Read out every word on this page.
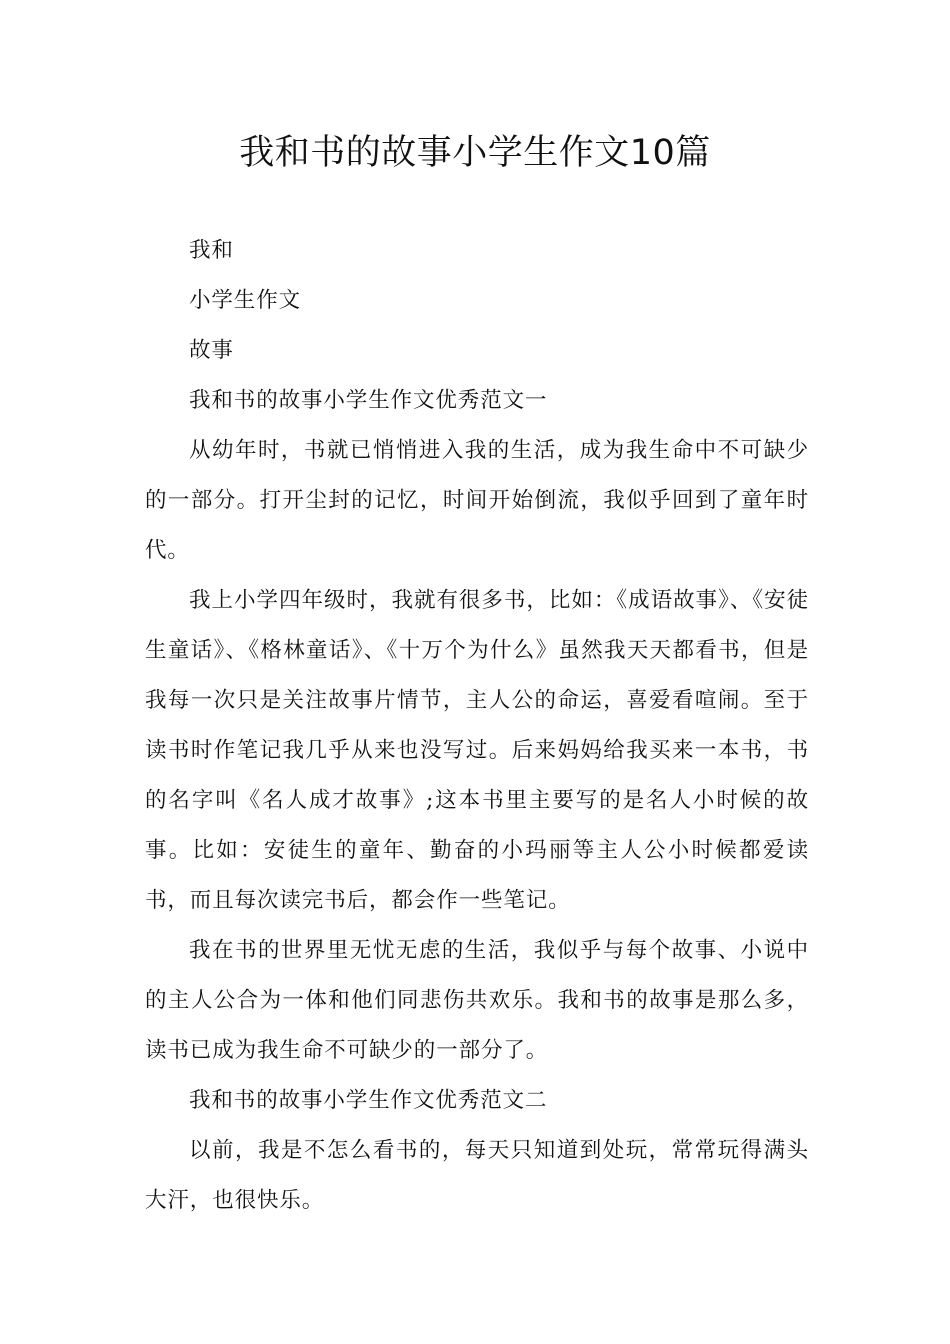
我和书的故事小学生作文10篇

我和

小学生作文

故事

我和书的故事小学生作文优秀范文一

从幼年时，书就已悄悄进入我的生活，成为我生命中不可缺少的一部分。打开尘封的记忆，时间开始倒流，我似乎回到了童年时代。

我上小学四年级时，我就有很多书，比如：《成语故事》、《安徒生童话》、《格林童话》、《十万个为什么》虽然我天天都看书，但是我每一次只是关注故事片情节，主人公的命运，喜爱看喧闹。至于读书时作笔记我几乎从来也没写过。后来妈妈给我买来一本书，书的名字叫《名人成才故事》;这本书里主要写的是名人小时候的故事。比如：安徒生的童年、勤奋的小玛丽等主人公小时候都爱读书，而且每次读完书后，都会作一些笔记。

我在书的世界里无忧无虑的生活，我似乎与每个故事、小说中的主人公合为一体和他们同悲伤共欢乐。我和书的故事是那么多，读书已成为我生命不可缺少的一部分了。

我和书的故事小学生作文优秀范文二

以前，我是不怎么看书的，每天只知道到处玩，常常玩得满头大汗，也很快乐。
